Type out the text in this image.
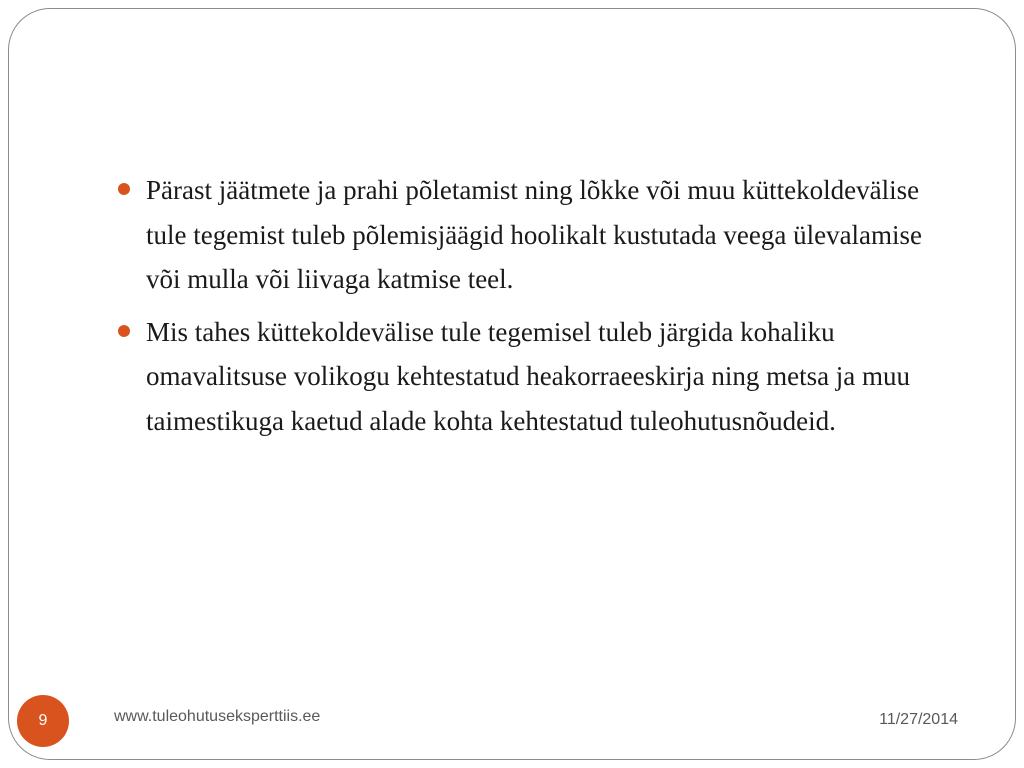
Pärast jäätmete ja prahi põletamist ning lõkke või muu küttekoldevälise tule tegemist tuleb põlemisjäägid hoolikalt kustutada veega ülevalamise või mulla või liivaga katmise teel.
Mis tahes küttekoldevälise tule tegemisel tuleb järgida kohaliku omavalitsuse volikogu kehtestatud heakorraeeskirja ning metsa ja muu taimestikuga kaetud alade kohta kehtestatud tuleohutusnõudeid.
9	www.tuleohutuseksperttiis.ee	11/27/2014
